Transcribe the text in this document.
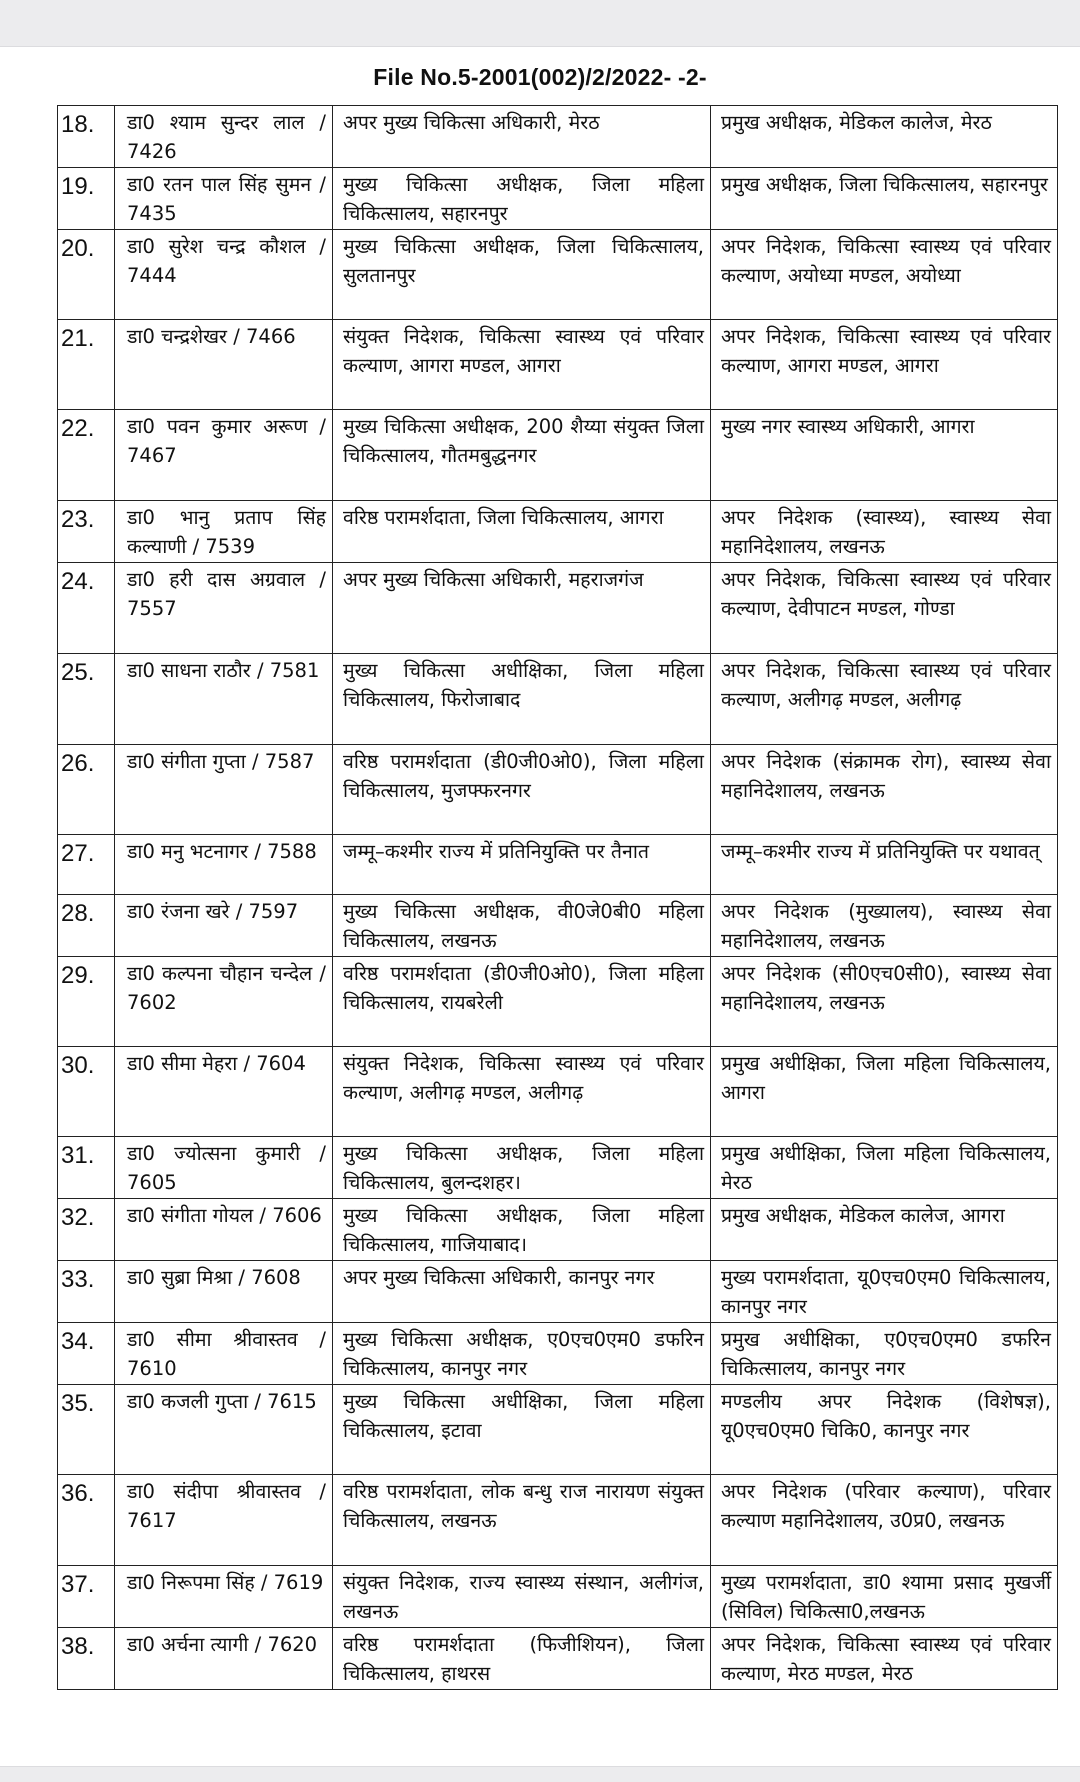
File No.5-2001(002)/2/2022- -2-
18.	डा0 श्याम सुन्दर लाल / 7426	अपर मुख्य चिकित्सा अधिकारी, मेरठ	प्रमुख अधीक्षक, मेडिकल कालेज, मेरठ
19.	डा0 रतन पाल सिंह सुमन / 7435	मुख्य चिकित्सा अधीक्षक, जिला महिला चिकित्सालय, सहारनपुर	प्रमुख अधीक्षक, जिला चिकित्सालय, सहारनपुर
20.	डा0 सुरेश चन्द्र कौशल / 7444	मुख्य चिकित्सा अधीक्षक, जिला चिकित्सालय, सुलतानपुर	अपर निदेशक, चिकित्सा स्वास्थ्य एवं परिवार कल्याण, अयोध्या मण्डल, अयोध्या
21.	डा0 चन्द्रशेखर / 7466	संयुक्त निदेशक, चिकित्सा स्वास्थ्य एवं परिवार कल्याण, आगरा मण्डल, आगरा	अपर निदेशक, चिकित्सा स्वास्थ्य एवं परिवार कल्याण, आगरा मण्डल, आगरा
22.	डा0 पवन कुमार अरूण / 7467	मुख्य चिकित्सा अधीक्षक, 200 शैय्या संयुक्त जिला चिकित्सालय, गौतमबुद्धनगर	मुख्य नगर स्वास्थ्य अधिकारी, आगरा
23.	डा0 भानु प्रताप सिंह कल्याणी / 7539	वरिष्ठ परामर्शदाता, जिला चिकित्सालय, आगरा	अपर निदेशक (स्वास्थ्य), स्वास्थ्य सेवा महानिदेशालय, लखनऊ
24.	डा0 हरी दास अग्रवाल / 7557	अपर मुख्य चिकित्सा अधिकारी, महराजगंज	अपर निदेशक, चिकित्सा स्वास्थ्य एवं परिवार कल्याण, देवीपाटन मण्डल, गोण्डा
25.	डा0 साधना राठौर / 7581	मुख्य चिकित्सा अधीक्षिका, जिला महिला चिकित्सालय, फिरोजाबाद	अपर निदेशक, चिकित्सा स्वास्थ्य एवं परिवार कल्याण, अलीगढ़ मण्डल, अलीगढ़
26.	डा0 संगीता गुप्ता / 7587	वरिष्ठ परामर्शदाता (डी0जी0ओ0), जिला महिला चिकित्सालय, मुजफ्फरनगर	अपर निदेशक (संक्रामक रोग), स्वास्थ्य सेवा महानिदेशालय, लखनऊ
27.	डा0 मनु भटनागर / 7588	जम्मू–कश्मीर राज्य में प्रतिनियुक्ति पर तैनात	जम्मू–कश्मीर राज्य में प्रतिनियुक्ति पर यथावत्
28.	डा0 रंजना खरे / 7597	मुख्य चिकित्सा अधीक्षक, वी0जे0बी0 महिला चिकित्सालय, लखनऊ	अपर निदेशक (मुख्यालय), स्वास्थ्य सेवा महानिदेशालय, लखनऊ
29.	डा0 कल्पना चौहान चन्देल / 7602	वरिष्ठ परामर्शदाता (डी0जी0ओ0), जिला महिला चिकित्सालय, रायबरेली	अपर निदेशक (सी0एच0सी0), स्वास्थ्य सेवा महानिदेशालय, लखनऊ
30.	डा0 सीमा मेहरा / 7604	संयुक्त निदेशक, चिकित्सा स्वास्थ्य एवं परिवार कल्याण, अलीगढ़ मण्डल, अलीगढ़	प्रमुख अधीक्षिका, जिला महिला चिकित्सालय, आगरा
31.	डा0 ज्योत्सना कुमारी / 7605	मुख्य चिकित्सा अधीक्षक, जिला महिला चिकित्सालय, बुलन्दशहर।	प्रमुख अधीक्षिका, जिला महिला चिकित्सालय, मेरठ
32.	डा0 संगीता गोयल / 7606	मुख्य चिकित्सा अधीक्षक, जिला महिला चिकित्सालय, गाजियाबाद।	प्रमुख अधीक्षक, मेडिकल कालेज, आगरा
33.	डा0 सुब्रा मिश्रा / 7608	अपर मुख्य चिकित्सा अधिकारी, कानपुर नगर	मुख्य परामर्शदाता, यू0एच0एम0 चिकित्सालय, कानपुर नगर
34.	डा0 सीमा श्रीवास्तव / 7610	मुख्य चिकित्सा अधीक्षक, ए0एच0एम0 डफरिन चिकित्सालय, कानपुर नगर	प्रमुख अधीक्षिका, ए0एच0एम0 डफरिन चिकित्सालय, कानपुर नगर
35.	डा0 कजली गुप्ता / 7615	मुख्य चिकित्सा अधीक्षिका, जिला महिला चिकित्सालय, इटावा	मण्डलीय अपर निदेशक (विशेषज्ञ), यू0एच0एम0 चिकि0, कानपुर नगर
36.	डा0 संदीपा श्रीवास्तव / 7617	वरिष्ठ परामर्शदाता, लोक बन्धु राज नारायण संयुक्त चिकित्सालय, लखनऊ	अपर निदेशक (परिवार कल्याण), परिवार कल्याण महानिदेशालय, उ0प्र0, लखनऊ
37.	डा0 निरूपमा सिंह / 7619	संयुक्त निदेशक, राज्य स्वास्थ्य संस्थान, अलीगंज, लखनऊ	मुख्य परामर्शदाता, डा0 श्यामा प्रसाद मुखर्जी (सिविल) चिकित्सा0,लखनऊ
38.	डा0 अर्चना त्यागी / 7620	वरिष्ठ परामर्शदाता (फिजीशियन), जिला चिकित्सालय, हाथरस	अपर निदेशक, चिकित्सा स्वास्थ्य एवं परिवार कल्याण, मेरठ मण्डल, मेरठ
